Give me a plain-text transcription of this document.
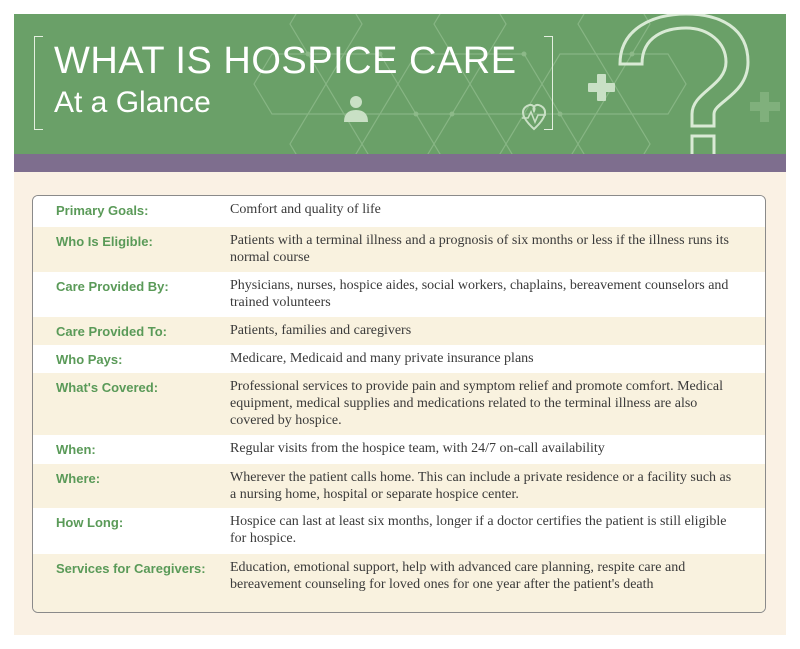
WHAT IS HOSPICE CARE
At a Glance
Primary Goals:	Comfort and quality of life
Who Is Eligible:	Patients with a terminal illness and a prognosis of six months or less if the illness runs its normal course
Care Provided By:	Physicians, nurses, hospice aides, social workers, chaplains, bereavement counselors and trained volunteers
Care Provided To:	Patients, families and caregivers
Who Pays:	Medicare, Medicaid and many private insurance plans
What's Covered:	Professional services to provide pain and symptom relief and promote comfort. Medical equipment, medical supplies and medications related to the terminal illness are also covered by hospice.
When:	Regular visits from the hospice team, with 24/7 on-call availability
Where:	Wherever the patient calls home. This can include a private residence or a facility such as a nursing home, hospital or separate hospice center.
How Long:	Hospice can last at least six months, longer if a doctor certifies the patient is still eligible for hospice.
Services for Caregivers:	Education, emotional support, help with advanced care planning, respite care and bereavement counseling for loved ones for one year after the patient's death
